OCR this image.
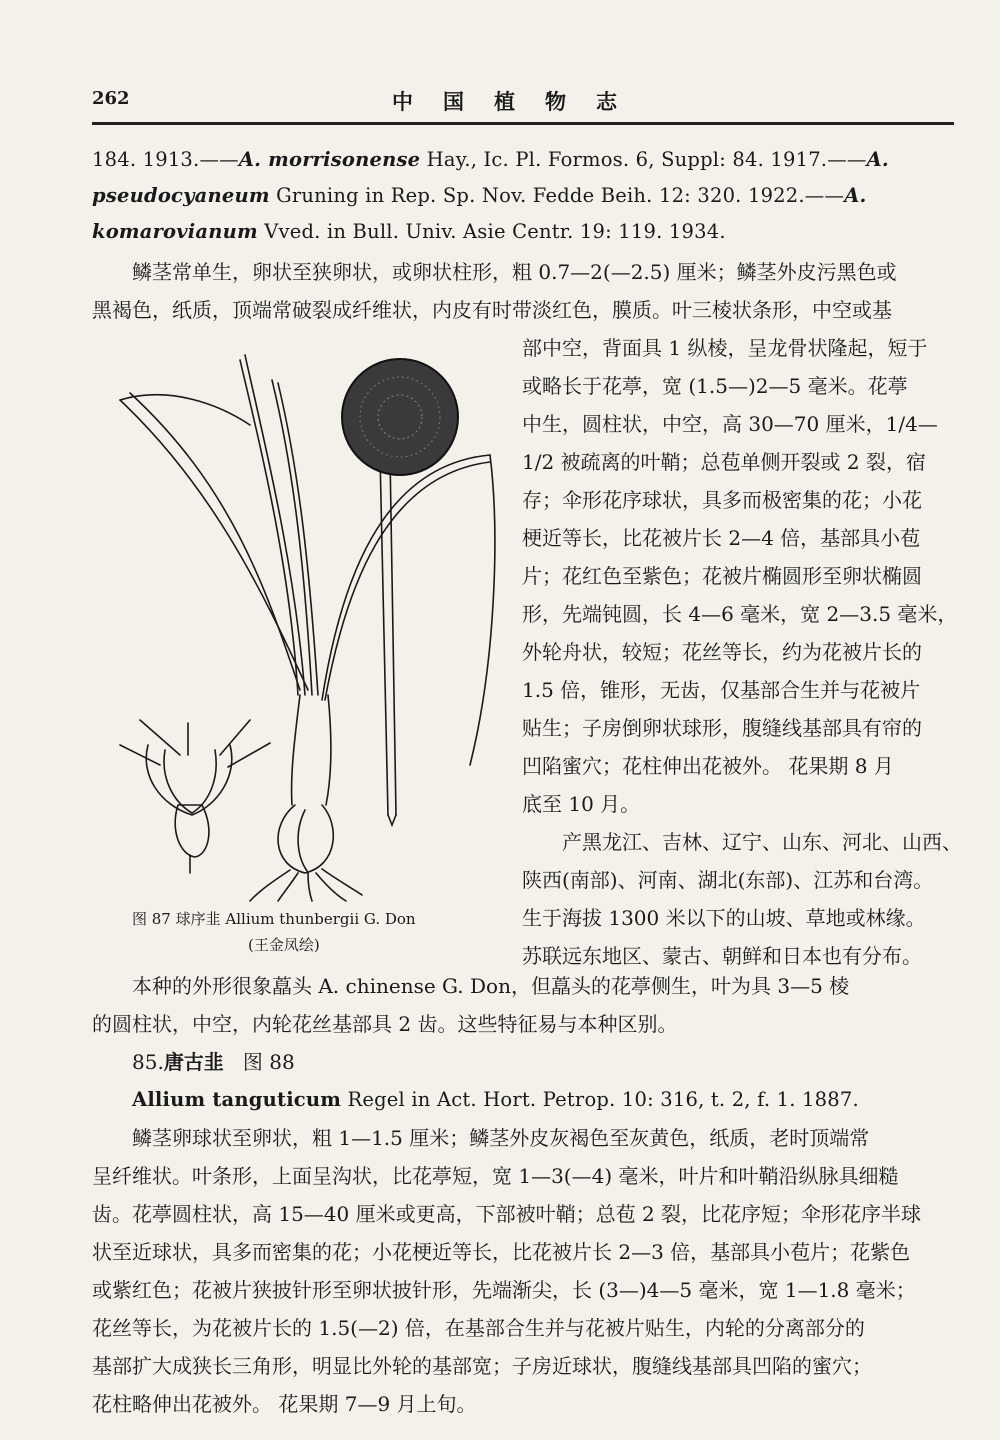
262	中国植物志
184. 1913.——A. morrisonense Hay., Ic. Pl. Formos. 6, Suppl: 84. 1917.——A.
pseudocyaneum Gruning in Rep. Sp. Nov. Fedde Beih. 12: 320. 1922.——A.
komarovianum Vved. in Bull. Univ. Asie Centr. 19: 119. 1934.
鳞茎常单生，卵状至狭卵状，或卵状柱形，粗 0.7—2(—2.5) 厘米；鳞茎外皮污黑色或
黑褐色，纸质，顶端常破裂成纤维状，内皮有时带淡红色，膜质。叶三棱状条形，中空或基
部中空，背面具 1 纵棱，呈龙骨状隆起，短于
或略长于花葶，宽 (1.5—)2—5 毫米。花葶
中生，圆柱状，中空，高 30—70 厘米，1/4—
1/2 被疏离的叶鞘；总苞单侧开裂或 2 裂，宿
存；伞形花序球状，具多而极密集的花；小花
梗近等长，比花被片长 2—4 倍，基部具小苞
片；花红色至紫色；花被片椭圆形至卵状椭圆
形，先端钝圆，长 4—6 毫米，宽 2—3.5 毫米，
外轮舟状，较短；花丝等长，约为花被片长的
1.5 倍，锥形，无齿，仅基部合生并与花被片
贴生；子房倒卵状球形，腹缝线基部具有帘的
凹陷蜜穴；花柱伸出花被外。 花果期 8 月
底至 10 月。
产黑龙江、吉林、辽宁、山东、河北、山西、
陕西(南部)、河南、湖北(东部)、江苏和台湾。
生于海拔 1300 米以下的山坡、草地或林缘。
苏联远东地区、蒙古、朝鲜和日本也有分布。
图 87 球序韭 Allium thunbergii G. Don
(王金凤绘)
本种的外形很象藠头 A. chinense G. Don，但藠头的花葶侧生，叶为具 3—5 棱
的圆柱状，中空，内轮花丝基部具 2 齿。这些特征易与本种区别。
85.唐古韭 图 88
Allium tanguticum Regel in Act. Hort. Petrop. 10: 316, t. 2, f. 1. 1887.
鳞茎卵球状至卵状，粗 1—1.5 厘米；鳞茎外皮灰褐色至灰黄色，纸质，老时顶端常
呈纤维状。叶条形，上面呈沟状，比花葶短，宽 1—3(—4) 毫米，叶片和叶鞘沿纵脉具细糙
齿。花葶圆柱状，高 15—40 厘米或更高，下部被叶鞘；总苞 2 裂，比花序短；伞形花序半球
状至近球状，具多而密集的花；小花梗近等长，比花被片长 2—3 倍，基部具小苞片；花紫色
或紫红色；花被片狭披针形至卵状披针形，先端渐尖，长 (3—)4—5 毫米，宽 1—1.8 毫米；
花丝等长，为花被片长的 1.5(—2) 倍，在基部合生并与花被片贴生，内轮的分离部分的
基部扩大成狭长三角形，明显比外轮的基部宽；子房近球状，腹缝线基部具凹陷的蜜穴；
花柱略伸出花被外。 花果期 7—9 月上旬。
